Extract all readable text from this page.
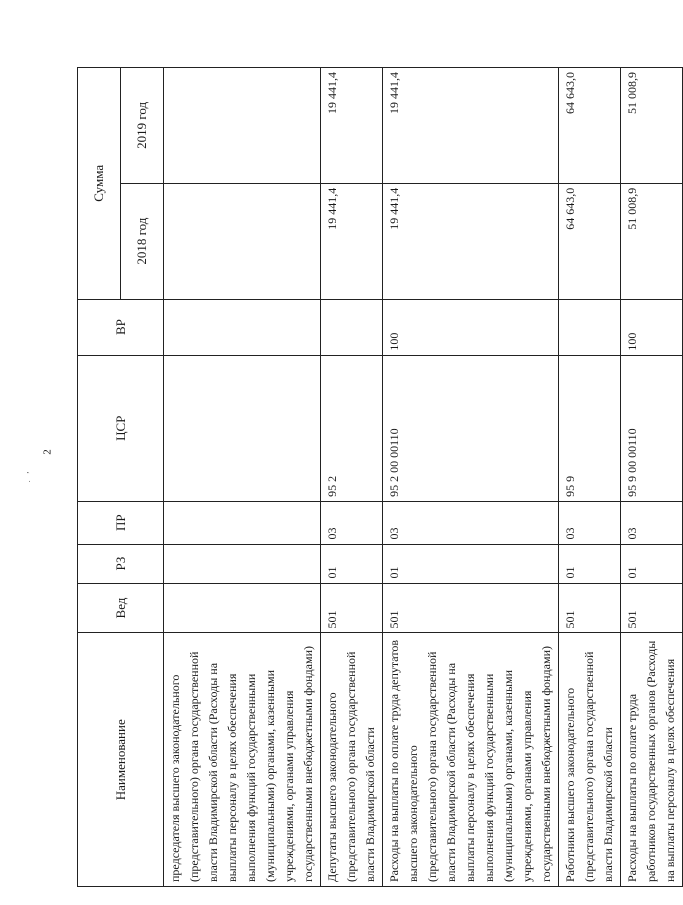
2
· ʼ
Наименование	Вед	РЗ	ПР	ЦСР	ВР	Сумма	
						2018 год	2019 год
председателя высшего законодательного (представительного) органа государственной власти Владимирской области (Расходы на выплаты персоналу в целях обеспечения выполнения функций государственными (муниципальными) органами, казенными учреждениями, органами управления государственными внебюджетными фондами)							
Депутаты высшего законодательного (представительного) органа государственной власти Владимирской области	501	01	03	95 2		19 441,4	19 441,4
Расходы на выплаты по оплате труда депутатов высшего законодательного (представительного) органа государственной власти Владимирской области (Расходы на выплаты персоналу в целях обеспечения выполнения функций государственными (муниципальными) органами, казенными учреждениями, органами управления государственными внебюджетными фондами)	501	01	03	95 2 00 00110	100	19 441,4	19 441,4
Работники высшего законодательного (представительного) органа государственной власти Владимирской области	501	01	03	95 9		64 643,0	64 643,0
Расходы на выплаты по оплате труда работников государственных органов (Расходы на выплаты персоналу в целях обеспечения	501	01	03	95 9 00 00110	100	51 008,9	51 008,9
